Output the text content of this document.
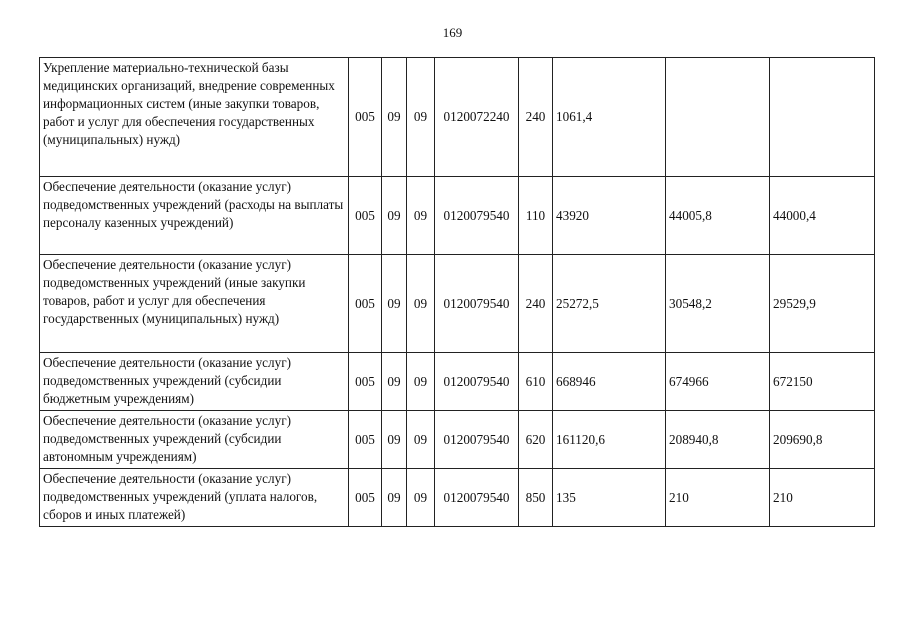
169
Укрепление материально-технической базы медицинских организаций, внедрение современных информационных систем (иные закупки товаров, работ и услуг для обеспечения государственных (муниципальных) нужд)	005	09	09	0120072240	240	1061,4		
Обеспечение деятельности (оказание услуг) подведомственных учреждений (расходы на выплаты персоналу казенных учреждений)	005	09	09	0120079540	110	43920	44005,8	44000,4
Обеспечение деятельности (оказание услуг) подведомственных учреждений (иные закупки товаров, работ и услуг для обеспечения государственных (муниципальных) нужд)	005	09	09	0120079540	240	25272,5	30548,2	29529,9
Обеспечение деятельности (оказание услуг) подведомственных учреждений (субсидии бюджетным учреждениям)	005	09	09	0120079540	610	668946	674966	672150
Обеспечение деятельности (оказание услуг) подведомственных учреждений (субсидии автономным учреждениям)	005	09	09	0120079540	620	161120,6	208940,8	209690,8
Обеспечение деятельности (оказание услуг) подведомственных учреждений (уплата налогов, сборов и иных платежей)	005	09	09	0120079540	850	135	210	210
